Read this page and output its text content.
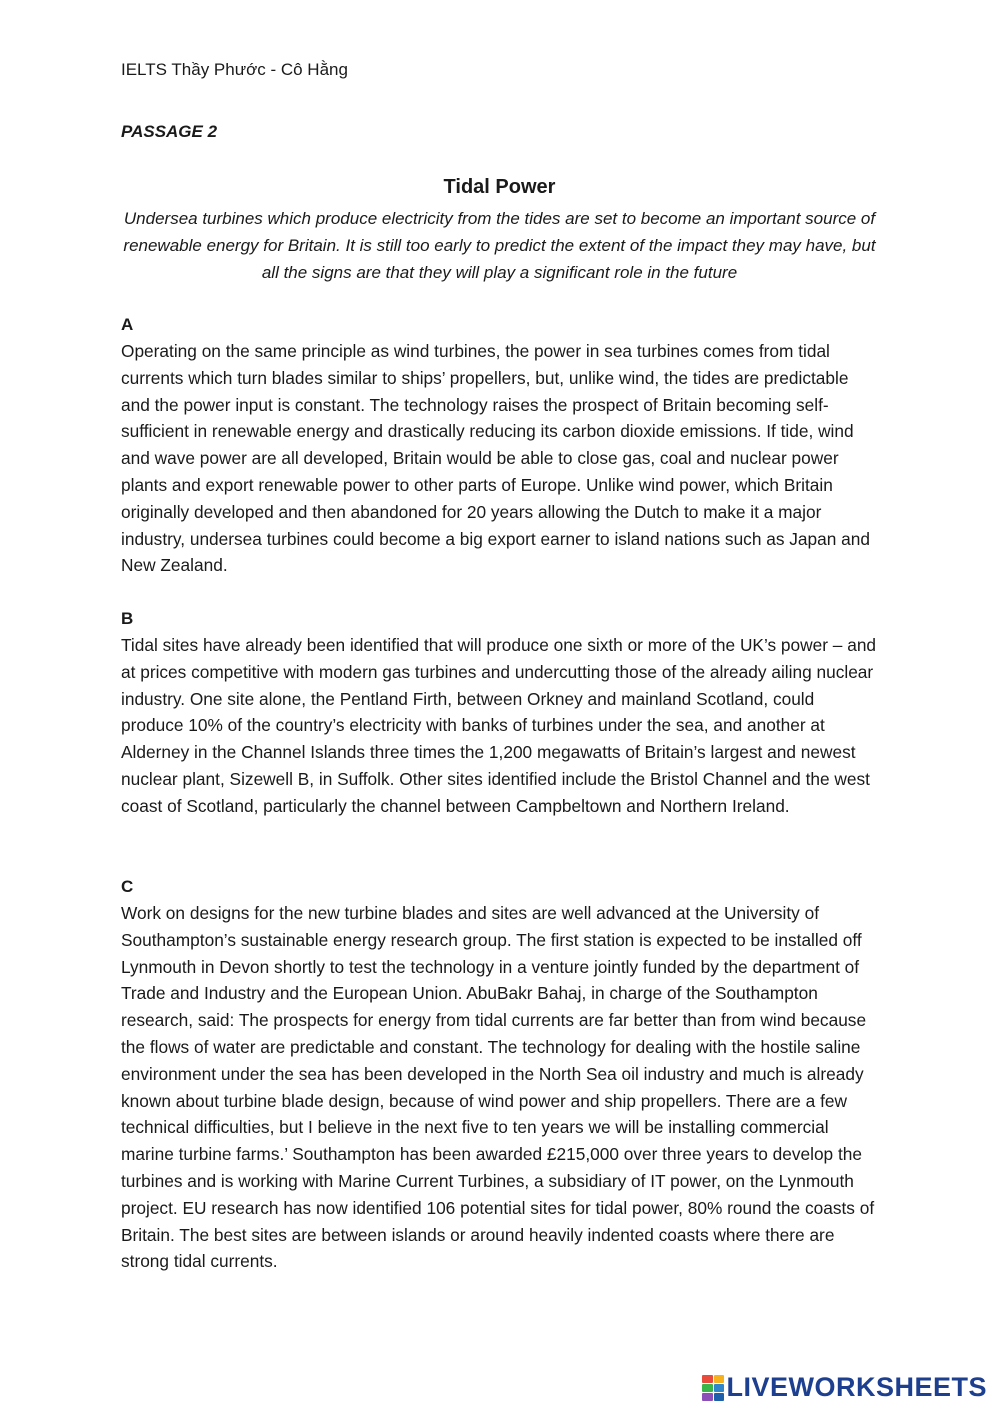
IELTS Thầy Phước - Cô Hằng
PASSAGE 2
Tidal Power
Undersea turbines which produce electricity from the tides are set to become an important source of renewable energy for Britain. It is still too early to predict the extent of the impact they may have, but all the signs are that they will play a significant role in the future
A

Operating on the same principle as wind turbines, the power in sea turbines comes from tidal currents which turn blades similar to ships’ propellers, but, unlike wind, the tides are predictable and the power input is constant. The technology raises the prospect of Britain becoming self-sufficient in renewable energy and drastically reducing its carbon dioxide emissions. If tide, wind and wave power are all developed, Britain would be able to close gas, coal and nuclear power plants and export renewable power to other parts of Europe. Unlike wind power, which Britain originally developed and then abandoned for 20 years allowing the Dutch to make it a major industry, undersea turbines could become a big export earner to island nations such as Japan and New Zealand.

B

Tidal sites have already been identified that will produce one sixth or more of the UK’s power – and at prices competitive with modern gas turbines and undercutting those of the already ailing nuclear industry. One site alone, the Pentland Firth, between Orkney and mainland Scotland, could produce 10% of the country’s electricity with banks of turbines under the sea, and another at Alderney in the Channel Islands three times the 1,200 megawatts of Britain’s largest and newest nuclear plant, Sizewell B, in Suffolk. Other sites identified include the Bristol Channel and the west coast of Scotland, particularly the channel between Campbeltown and Northern Ireland.

C

Work on designs for the new turbine blades and sites are well advanced at the University of Southampton’s sustainable energy research group. The first station is expected to be installed off Lynmouth in Devon shortly to test the technology in a venture jointly funded by the department of Trade and Industry and the European Union. AbuBakr Bahaj, in charge of the Southampton research, said: The prospects for energy from tidal currents are far better than from wind because the flows of water are predictable and constant. The technology for dealing with the hostile saline environment under the sea has been developed in the North Sea oil industry and much is already known about turbine blade design, because of wind power and ship propellers. There are a few technical difficulties, but I believe in the next five to ten years we will be installing commercial marine turbine farms.’ Southampton has been awarded £215,000 over three years to develop the turbines and is working with Marine Current Turbines, a subsidiary of IT power, on the Lynmouth project. EU research has now identified 106 potential sites for tidal power, 80% round the coasts of Britain. The best sites are between islands or around heavily indented coasts where there are strong tidal currents.

LIVEWORKSHEETS
